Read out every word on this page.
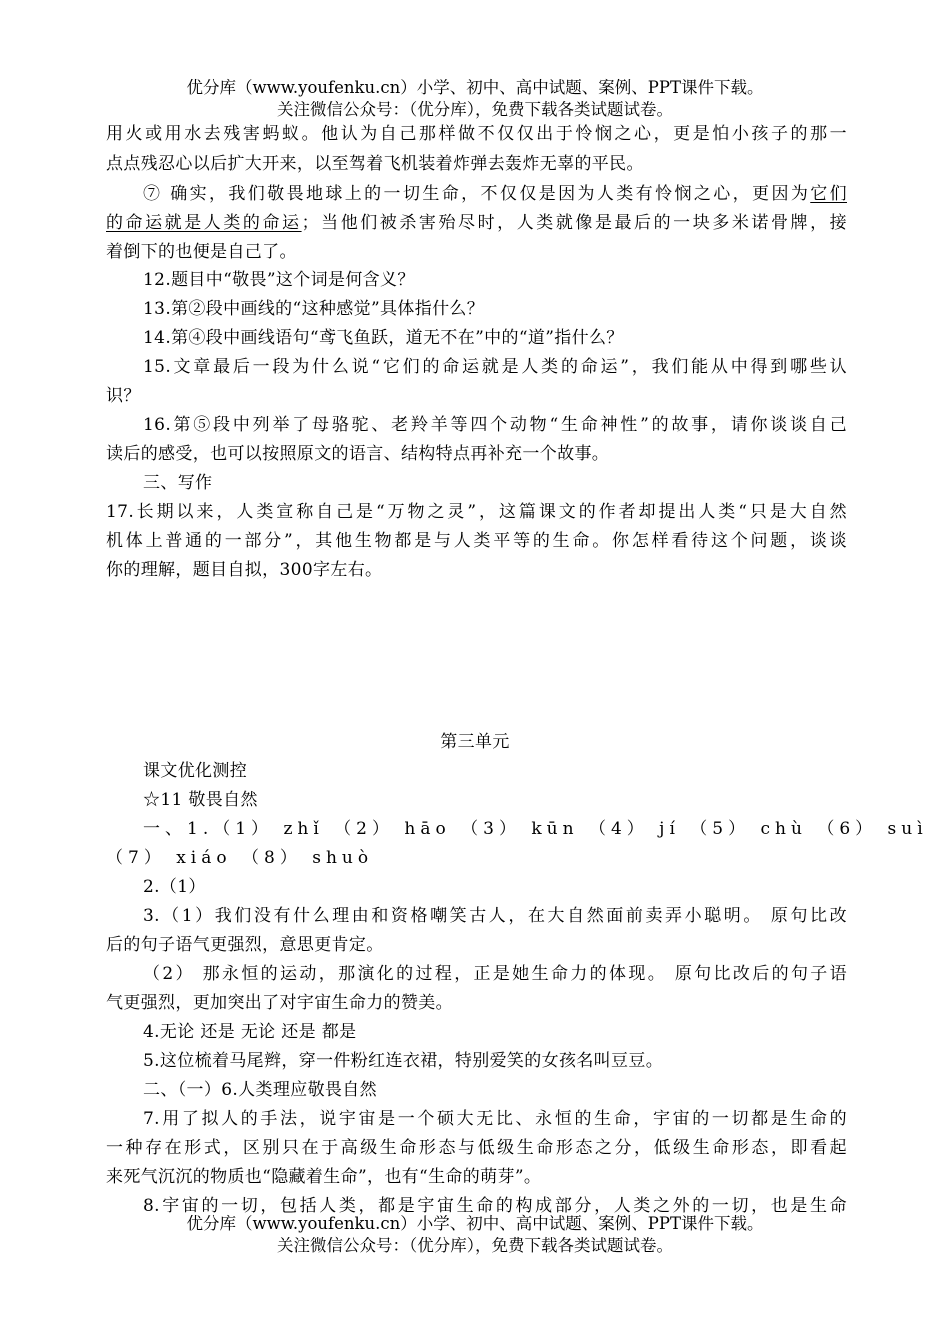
优分库（www.youfenku.cn）小学、初中、高中试题、案例、PPT课件下载。
关注微信公众号：（优分库），免费下载各类试题试卷。
用火或用水去残害蚂蚁。他认为自己那样做不仅仅出于怜悯之心，更是怕小孩子的那一
点点残忍心以后扩大开来，以至驾着飞机装着炸弹去轰炸无辜的平民。
⑦ 确实，我们敬畏地球上的一切生命，不仅仅是因为人类有怜悯之心，更因为它们
的命运就是人类的命运；当他们被杀害殆尽时，人类就像是最后的一块多米诺骨牌，接
着倒下的也便是自己了。
12.题目中“敬畏”这个词是何含义？
13.第②段中画线的“这种感觉”具体指什么？
14.第④段中画线语句“鸢飞鱼跃，道无不在”中的“道”指什么？
15.文章最后一段为什么说“它们的命运就是人类的命运”，我们能从中得到哪些认
识？
16.第⑤段中列举了母骆驼、老羚羊等四个动物“生命神性”的故事，请你谈谈自己
读后的感受，也可以按照原文的语言、结构特点再补充一个故事。
三、写作
17.长期以来，人类宣称自己是“万物之灵”，这篇课文的作者却提出人类“只是大自然
机体上普通的一部分”，其他生物都是与人类平等的生命。你怎样看待这个问题，谈谈
你的理解，题目自拟，300字左右。
第三单元
课文优化测控
☆11 敬畏自然
一、1.（1） zhǐ （2） hāo （3） kūn （4） jí （5） chù （6） suì
（7） xiáo （8） shuò
2.（1）
3.（1）我们没有什么理由和资格嘲笑古人，在大自然面前卖弄小聪明。 原句比改
后的句子语气更强烈，意思更肯定。
（2） 那永恒的运动，那演化的过程，正是她生命力的体现。 原句比改后的句子语
气更强烈，更加突出了对宇宙生命力的赞美。
4.无论 还是 无论 还是 都是
5.这位梳着马尾辫，穿一件粉红连衣裙，特别爱笑的女孩名叫豆豆。
二、（一）6.人类理应敬畏自然
7.用了拟人的手法，说宇宙是一个硕大无比、永恒的生命，宇宙的一切都是生命的
一种存在形式，区别只在于高级生命形态与低级生命形态之分，低级生命形态，即看起
来死气沉沉的物质也“隐藏着生命”，也有“生命的萌芽”。
8.宇宙的一切，包括人类，都是宇宙生命的构成部分，人类之外的一切，也是生命
优分库（www.youfenku.cn）小学、初中、高中试题、案例、PPT课件下载。
关注微信公众号：（优分库），免费下载各类试题试卷。
